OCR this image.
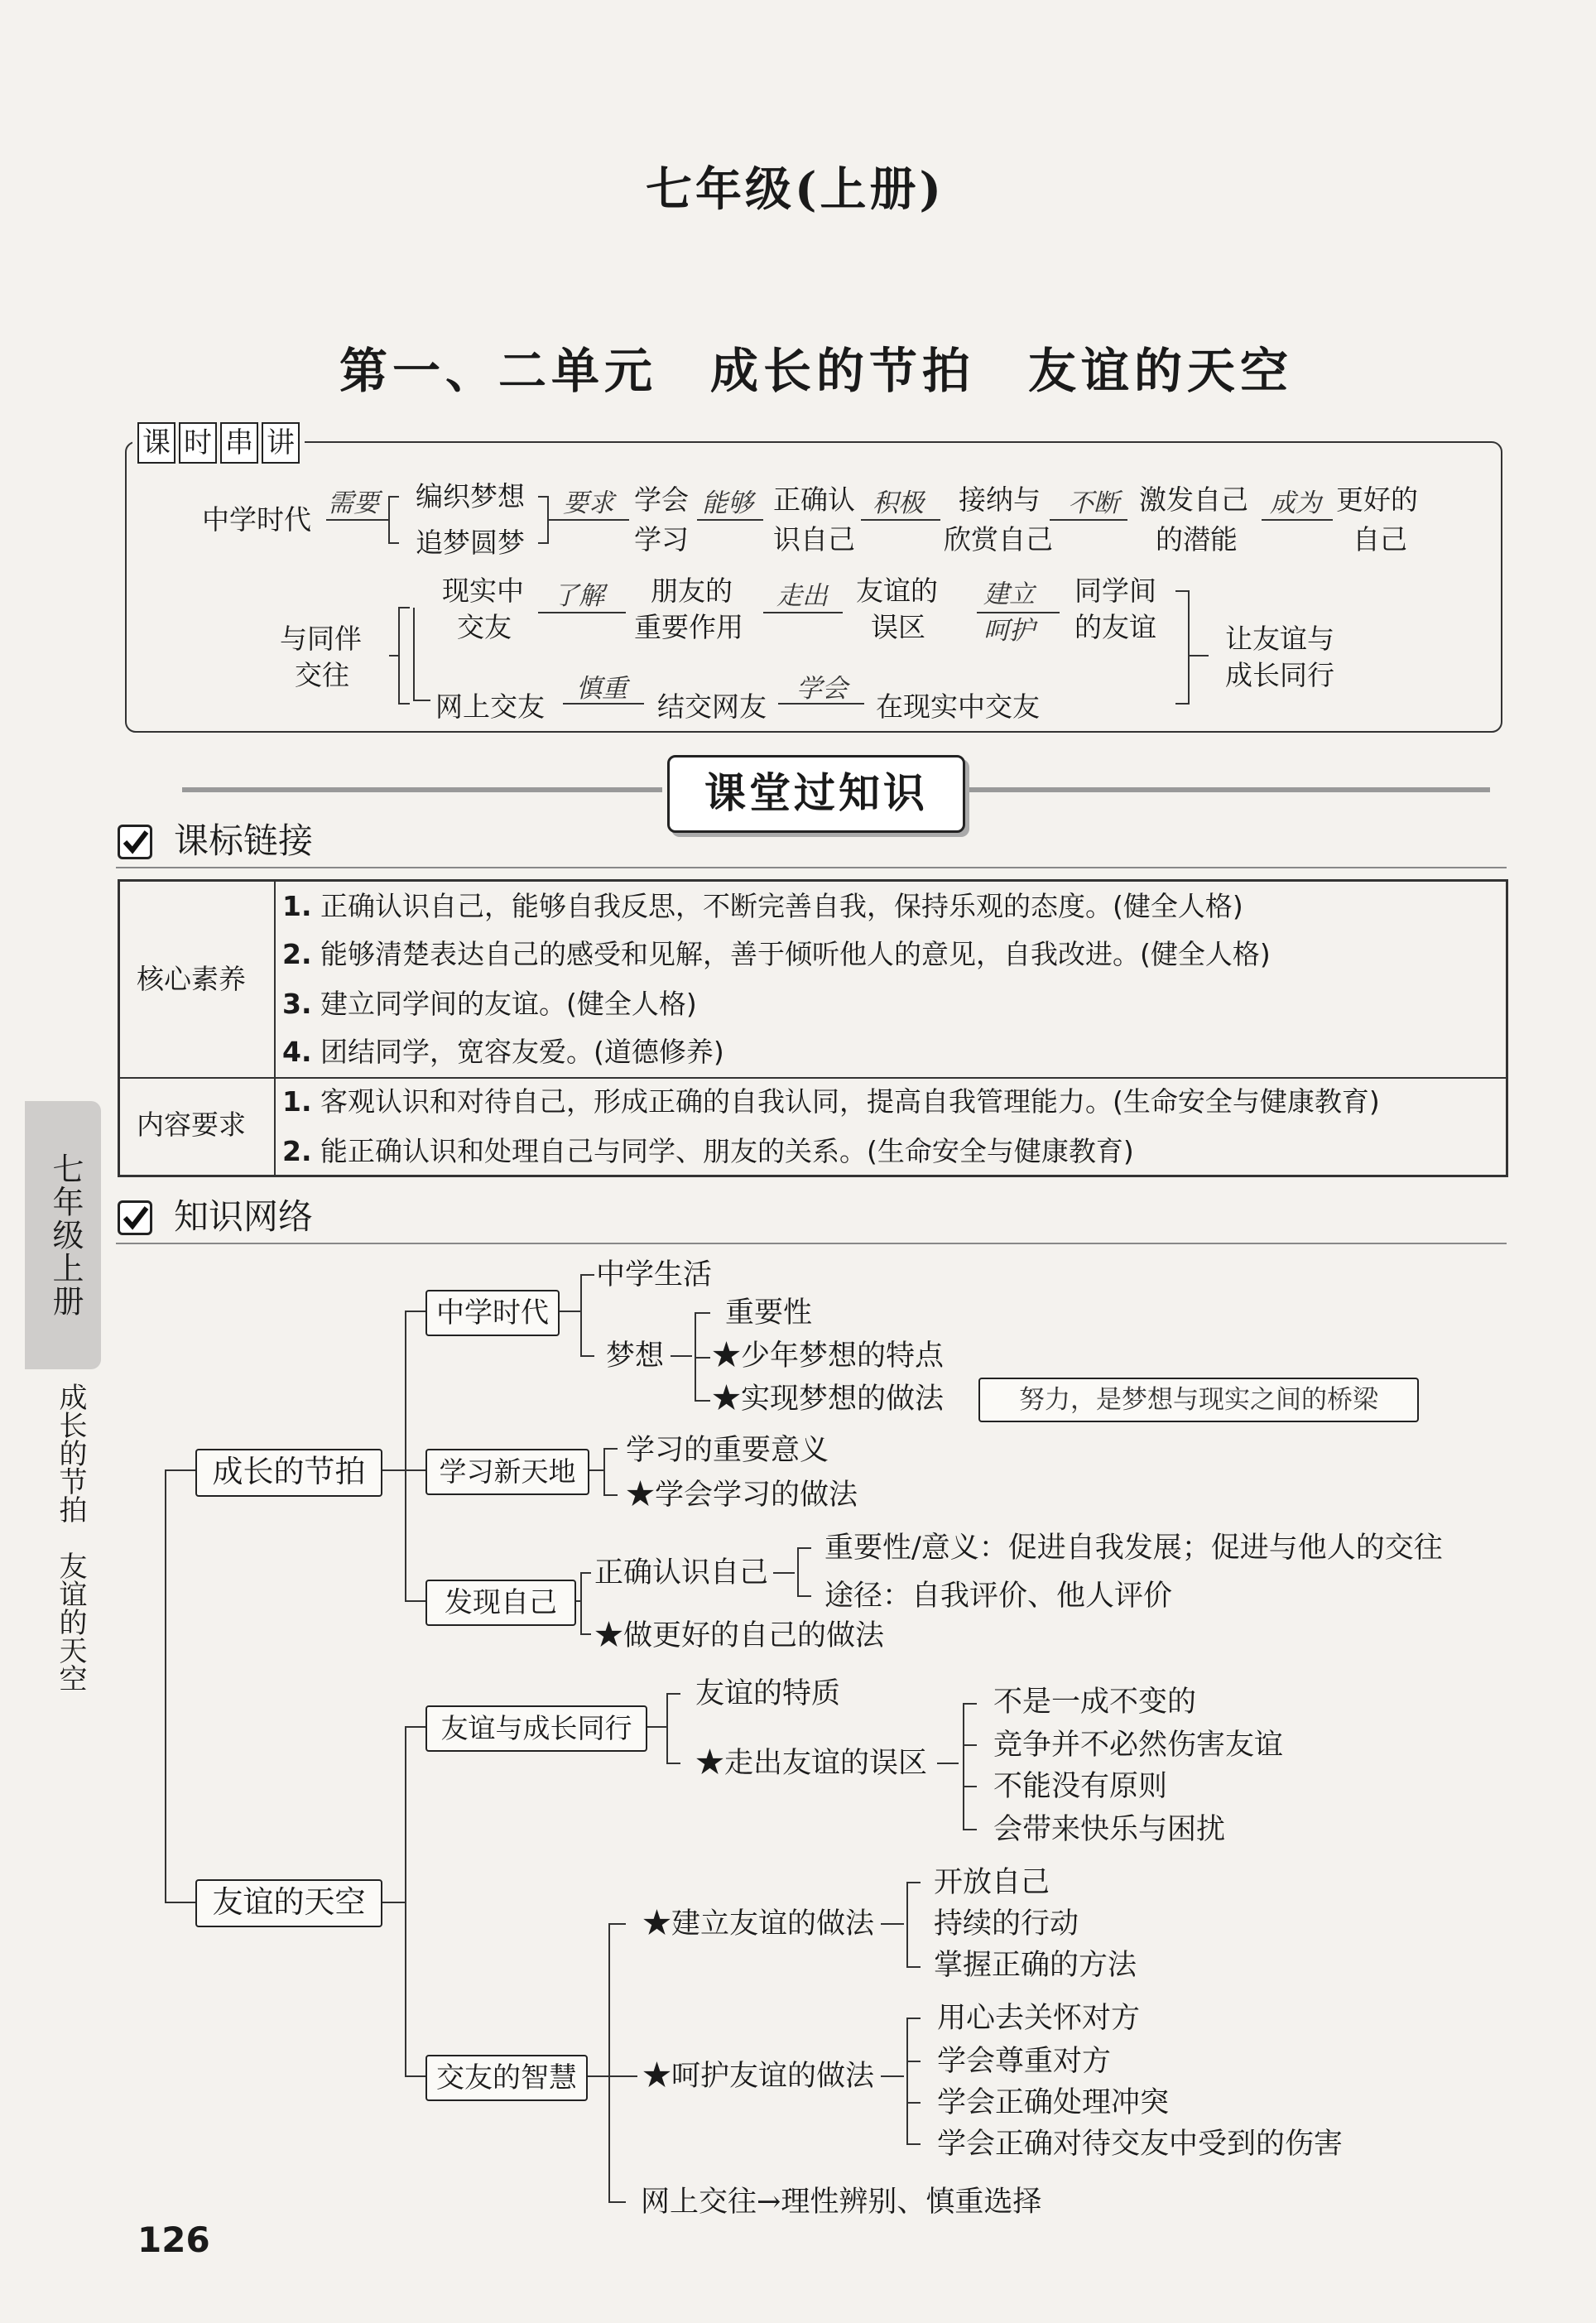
七年级(上册)
第一、二单元　成长的节拍　友谊的天空
课 时 串 讲
中学时代 需要 编织梦想
追梦圆梦
要求 学会
学习
能够 正确认
识自己
积极 接纳与
欣赏自己
不断 激发自己
的潜能
成为 更好的
自己
与同伴
交往
现实中
交友
了解 朋友的
重要作用
走出 友谊的
误区
建立
呵护
同学间
的友谊
网上交友
慎重
结交网友
学会
在现实中交友
让友谊与
成长同行
课堂过知识
课标链接
核心素养
1. 正确认识自己，能够自我反思，不断完善自我，保持乐观的态度。(健全人格)
2. 能够清楚表达自己的感受和见解，善于倾听他人的意见，自我改进。(健全人格)
3. 建立同学间的友谊。(健全人格)
4. 团结同学，宽容友爱。(道德修养)
内容要求
1. 客观认识和对待自己，形成正确的自我认同，提高自我管理能力。(生命安全与健康教育)
2. 能正确认识和处理自己与同学、朋友的关系。(生命安全与健康教育)
知识网络
成长的节拍
中学时代
中学生活
梦想
重要性
★少年梦想的特点
★实现梦想的做法	努力，是梦想与现实之间的桥梁
学习新天地
学习的重要意义
★学会学习的做法
发现自己
正确认识自己
重要性/意义：促进自我发展；促进与他人的交往
途径：自我评价、他人评价
★做更好的自己的做法
友谊的天空
友谊与成长同行
友谊的特质
★走出友谊的误区
不是一成不变的
竞争并不必然伤害友谊
不能没有原则
会带来快乐与困扰
交友的智慧
★建立友谊的做法
开放自己
持续的行动
掌握正确的方法
★呵护友谊的做法
用心去关怀对方
学会尊重对方
学会正确处理冲突
学会正确对待交友中受到的伤害
网上交往→理性辨别、慎重选择
七年级上册
成长的节拍　友谊的天空
126
